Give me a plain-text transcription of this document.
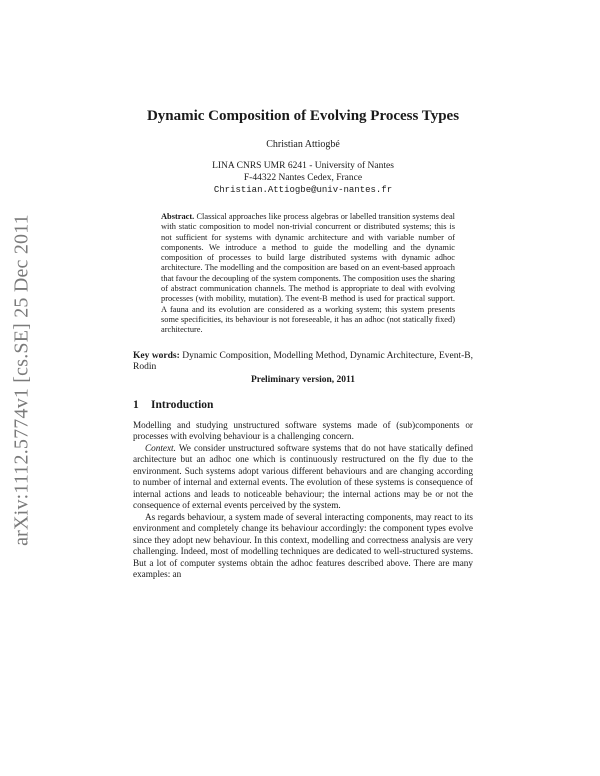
arXiv:1112.5774v1 [cs.SE] 25 Dec 2011
Dynamic Composition of Evolving Process Types

Christian Attiogbé

LINA CNRS UMR 6241 - University of Nantes

F-44322 Nantes Cedex, France

Christian.Attiogbe@univ-nantes.fr

Abstract. Classical approaches like process algebras or labelled transition systems deal with static composition to model non-trivial concurrent or distributed systems; this is not sufficient for systems with dynamic architecture and with variable number of components. We introduce a method to guide the modelling and the dynamic composition of processes to build large distributed systems with dynamic adhoc architecture. The modelling and the composition are based on an event-based approach that favour the decoupling of the system components. The composition uses the sharing of abstract communication channels. The method is appropriate to deal with evolving processes (with mobility, mutation). The event-B method is used for practical support. A fauna and its evolution are considered as a working system; this system presents some specificities, its behaviour is not foreseeable, it has an adhoc (not statically fixed) architecture.
Key words: Dynamic Composition, Modelling Method, Dynamic Architecture, Event-B, Rodin
Preliminary version, 2011
1 Introduction

Modelling and studying unstructured software systems made of (sub)components or processes with evolving behaviour is a challenging concern.

Context. We consider unstructured software systems that do not have statically defined architecture but an adhoc one which is continuously restructured on the fly due to the environment. Such systems adopt various different behaviours and are changing according to number of internal and external events. The evolution of these systems is consequence of internal actions and leads to noticeable behaviour; the internal actions may be or not the consequence of external events perceived by the system.

As regards behaviour, a system made of several interacting components, may react to its environment and completely change its behaviour accordingly: the component types evolve since they adopt new behaviour. In this context, modelling and correctness analysis are very challenging. Indeed, most of modelling techniques are dedicated to well-structured systems. But a lot of computer systems obtain the adhoc features described above. There are many examples: an
